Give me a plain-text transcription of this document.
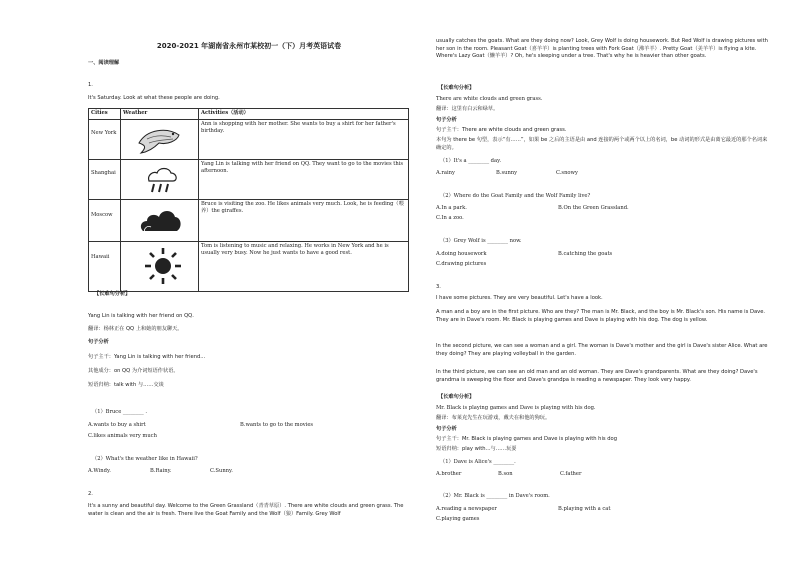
2020-2021 年湖南省永州市某校初一（下）月考英语试卷
一、阅读理解
1.
It's Saturday. Look at what these people are doing.
Cities	Weather	Activities（活动）
New York		Ann is shopping with her mother. She wants to buy a shirt for her father's birthday.
Shanghai		Yang Lin is talking with her friend on QQ. They want to go to the movies this afternoon.
Moscow		Bruce is visiting the zoo. He likes animals very much. Look, he is feeding（喂养）the giraffes.
Hawaii		Tom is listening to music and relaxing. He works in New York and he is usually very busy. Now he just wants to have a good rest.
【长难句分析】
Yang Lin is talking with her friend on QQ.
翻译：杨林正在 QQ 上和她的朋友聊天。
句子分析
句子主干：Yang Lin is talking with her friend...
其他成分：on QQ 为介词短语作状语。
短语归纳：talk with 与……交谈
（1）Bruce ________ .
A.wants to buy a shirt	B.wants to go to the movies
C.likes animals very much
（2）What's the weather like in Hawaii?
A.Windy.	B.Rainy.	C.Sunny.
2.
It's a sunny and beautiful day. Welcome to the Green Grassland（青青草原）. There are white clouds and green grass. The water is clean and the air is fresh. There live the Goat Family and the Wolf（狼）Family. Grey Wolf
usually catches the goats. What are they doing now? Look, Grey Wolf is doing housework. But Red Wolf is drawing pictures with her son in the room. Pleasant Goat（喜羊羊）is planting trees with Fork Goat（沸羊羊）. Pretty Goat（美羊羊）is flying a kite. Where's Lazy Goat（懒羊羊）? Oh, he's sleeping under a tree. That's why he is heavier than other goats.
【长难句分析】
There are white clouds and green grass.
翻译：这里有白云和绿草。
句子分析
句子主干：There are white clouds and green grass.
本句为 there be 句型，表示“有……”，如果 be 之后的主语是由 and 连接的两个或两个以上的名词，be 动词的形式是由离它最近的那个名词来确定的。
（1）It's a ________ day.
A.rainy	B.sunny	C.snowy
（2）Where do the Goat Family and the Wolf Family live?
A.In a park.	B.On the Green Grassland.
C.In a zoo.
（3）Grey Wolf is ________ now.
A.doing housework	B.catching the goats
C.drawing pictures
3.
I have some pictures. They are very beautiful. Let's have a look.
A man and a boy are in the first picture. Who are they? The man is Mr. Black, and the boy is Mr. Black's son. His name is Dave. They are in Dave's room. Mr. Black is playing games and Dave is playing with his dog. The dog is yellow.
In the second picture, we can see a woman and a girl. The woman is Dave's mother and the girl is Dave's sister Alice. What are they doing? They are playing volleyball in the garden.
In the third picture, we can see an old man and an old woman. They are Dave's grandparents. What are they doing? Dave's grandma is sweeping the floor and Dave's grandpa is reading a newspaper. They look very happy.
【长难句分析】
Mr. Black is playing games and Dave is playing with his dog.
翻译：布莱克先生在玩游戏，戴夫在和他的狗玩。
句子分析
句子主干：Mr. Black is playing games and Dave is playing with his dog
短语归纳：play with...与……玩耍
（1）Dave is Alice's ________.
A.brother	B.son	C.father
（2）Mr. Black is ________ in Dave's room.
A.reading a newspaper	B.playing with a cat
C.playing games
